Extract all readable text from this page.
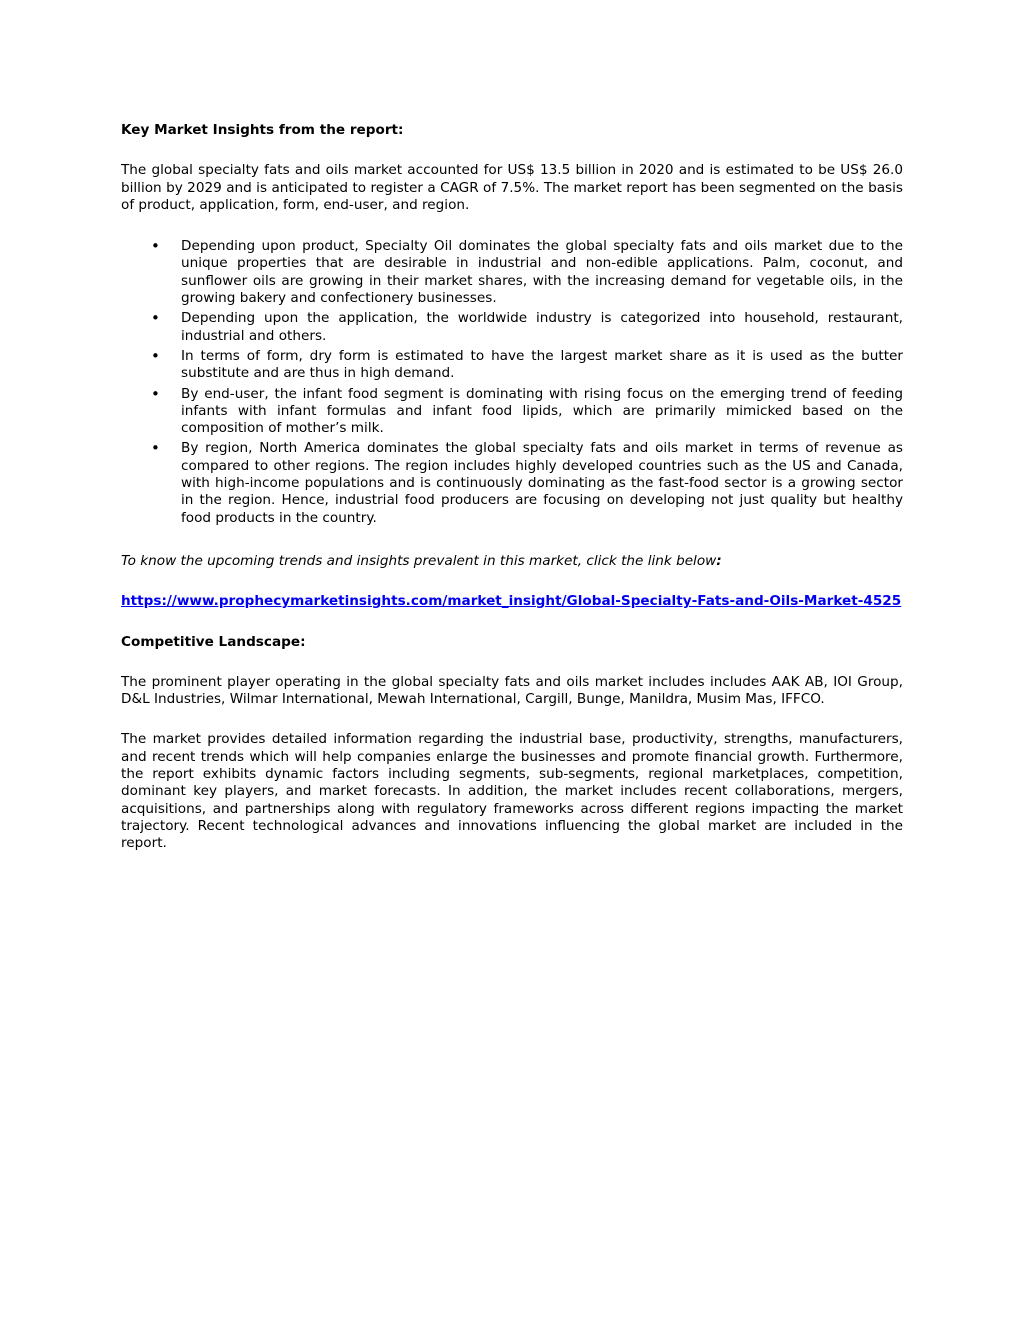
Key Market Insights from the report:

The global specialty fats and oils market accounted for US$ 13.5 billion in 2020 and is estimated to be US$ 26.0 billion by 2029 and is anticipated to register a CAGR of 7.5%. The market report has been segmented on the basis of product, application, form, end-user, and region.

• Depending upon product, Specialty Oil dominates the global specialty fats and oils market due to the unique properties that are desirable in industrial and non-edible applications. Palm, coconut, and sunflower oils are growing in their market shares, with the increasing demand for vegetable oils, in the growing bakery and confectionery businesses.
• Depending upon the application, the worldwide industry is categorized into household, restaurant, industrial and others.
• In terms of form, dry form is estimated to have the largest market share as it is used as the butter substitute and are thus in high demand.
• By end-user, the infant food segment is dominating with rising focus on the emerging trend of feeding infants with infant formulas and infant food lipids, which are primarily mimicked based on the composition of mother’s milk.
• By region, North America dominates the global specialty fats and oils market in terms of revenue as compared to other regions. The region includes highly developed countries such as the US and Canada, with high-income populations and is continuously dominating as the fast-food sector is a growing sector in the region. Hence, industrial food producers are focusing on developing not just quality but healthy food products in the country.

To know the upcoming trends and insights prevalent in this market, click the link below:

https://www.prophecymarketinsights.com/market_insight/Global-Specialty-Fats-and-Oils-Market-4525

Competitive Landscape:

The prominent player operating in the global specialty fats and oils market includes includes AAK AB, IOI Group, D&L Industries, Wilmar International, Mewah International, Cargill, Bunge, Manildra, Musim Mas, IFFCO.

The market provides detailed information regarding the industrial base, productivity, strengths, manufacturers, and recent trends which will help companies enlarge the businesses and promote financial growth. Furthermore, the report exhibits dynamic factors including segments, sub-segments, regional marketplaces, competition, dominant key players, and market forecasts. In addition, the market includes recent collaborations, mergers, acquisitions, and partnerships along with regulatory frameworks across different regions impacting the market trajectory. Recent technological advances and innovations influencing the global market are included in the report.
